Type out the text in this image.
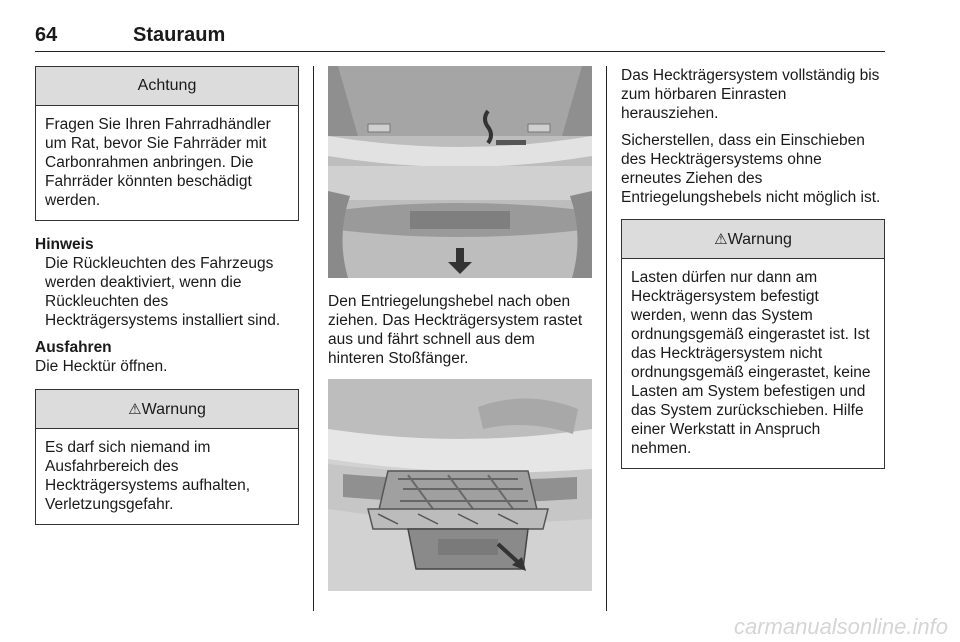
64	Stauraum
Achtung
Fragen Sie Ihren Fahrradhändler um Rat, bevor Sie Fahrräder mit Carbonrahmen anbringen. Die Fahrräder könnten beschädigt werden.

Hinweis

Die Rückleuchten des Fahrzeugs werden deaktiviert, wenn die Rückleuchten des Heckträgersystems installiert sind.

Ausfahren

Die Hecktür öffnen.

⚠Warnung
Es darf sich niemand im Ausfahrbereich des Heckträgersystems aufhalten, Verletzungsgefahr.

Den Entriegelungshebel nach oben ziehen. Das Heckträgersystem rastet aus und fährt schnell aus dem hinteren Stoßfänger.

Das Heckträgersystem vollständig bis zum hörbaren Einrasten herausziehen.

Sicherstellen, dass ein Einschieben des Heckträgersystems ohne erneutes Ziehen des Entriegelungshebels nicht möglich ist.

⚠Warnung
Lasten dürfen nur dann am Heckträgersystem befestigt werden, wenn das System ordnungsgemäß eingerastet ist. Ist das Heckträgersystem nicht ordnungsgemäß eingerastet, keine Lasten am System befestigen und das System zurückschieben. Hilfe einer Werkstatt in Anspruch nehmen.
carmanualsonline.info
